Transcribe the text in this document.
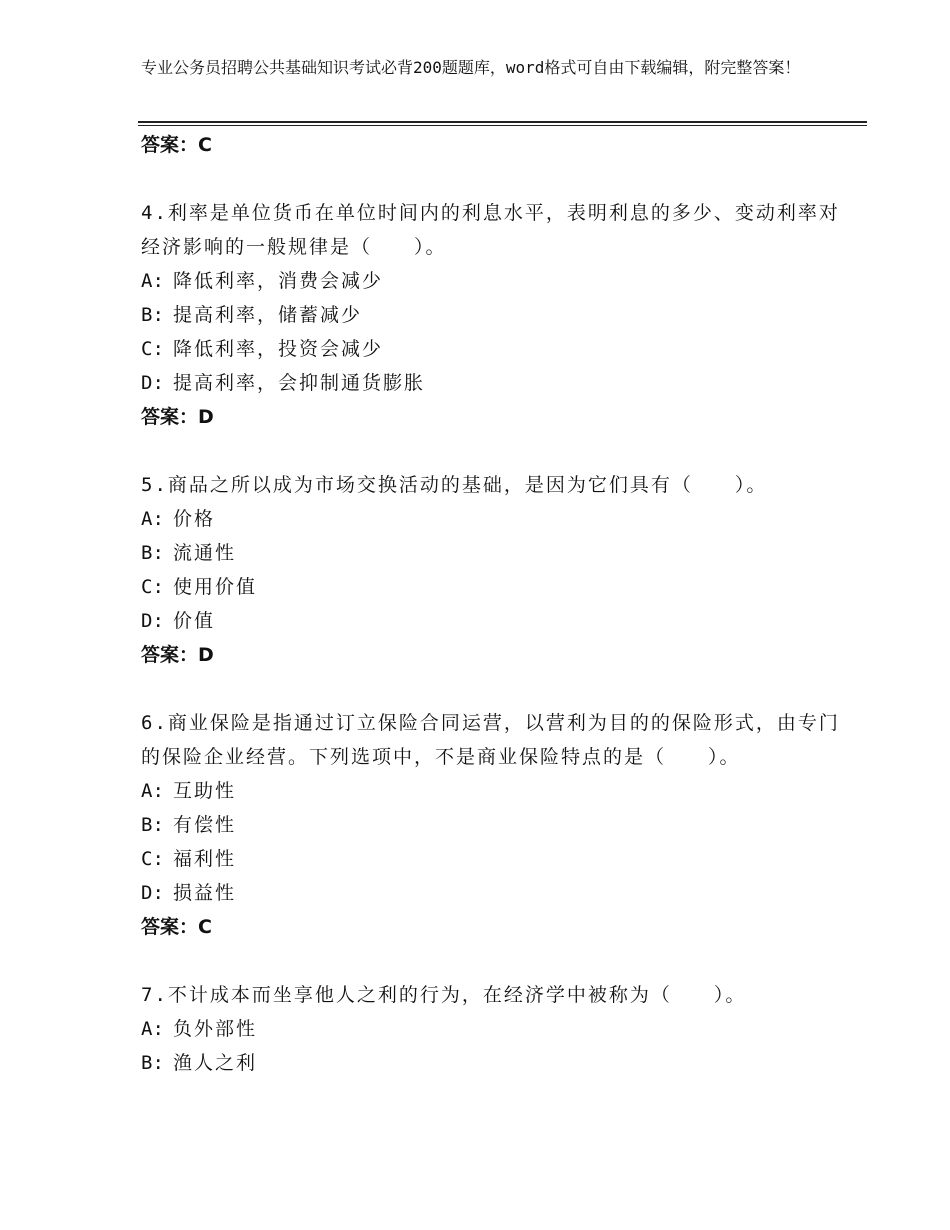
专业公务员招聘公共基础知识考试必背200题题库，word格式可自由下载编辑，附完整答案！
答案：C
4.利率是单位货币在单位时间内的利息水平，表明利息的多少、变动利率对经济影响的一般规律是（　　）。
A: 降低利率，消费会减少
B: 提高利率，储蓄减少
C: 降低利率，投资会减少
D: 提高利率，会抑制通货膨胀
答案：D
5.商品之所以成为市场交换活动的基础，是因为它们具有（　　）。
A: 价格
B: 流通性
C: 使用价值
D: 价值
答案：D
6.商业保险是指通过订立保险合同运营，以营利为目的的保险形式，由专门的保险企业经营。下列选项中，不是商业保险特点的是（　　）。
A: 互助性
B: 有偿性
C: 福利性
D: 损益性
答案：C
7.不计成本而坐享他人之利的行为，在经济学中被称为（　　）。
A: 负外部性
B: 渔人之利
